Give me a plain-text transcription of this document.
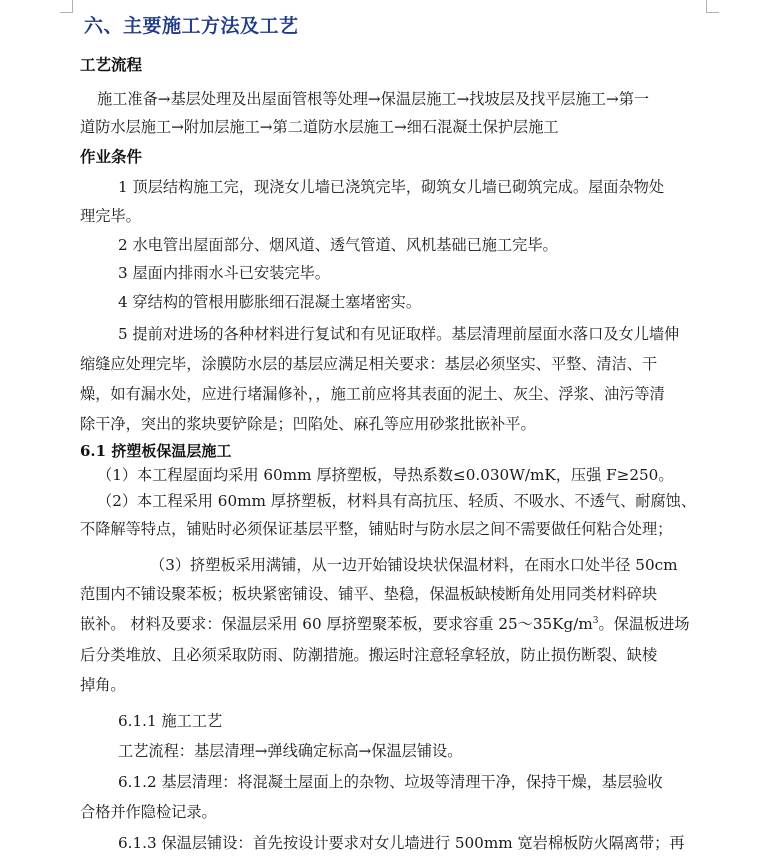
六、主要施工方法及工艺
工艺流程
施工准备→基层处理及出屋面管根等处理→保温层施工→找坡层及找平层施工→第一
道防水层施工→附加层施工→第二道防水层施工→细石混凝土保护层施工
作业条件
1 顶层结构施工完，现浇女儿墙已浇筑完毕，砌筑女儿墙已砌筑完成。屋面杂物处
理完毕。
2 水电管出屋面部分、烟风道、透气管道、风机基础已施工完毕。
3 屋面内排雨水斗已安装完毕。
4 穿结构的管根用膨胀细石混凝土塞堵密实。
5 提前对进场的各种材料进行复试和有见证取样。基层清理前屋面水落口及女儿墙伸
缩缝应处理完毕，涂膜防水层的基层应满足相关要求：基层必须坚实、平整、清洁、干
燥，如有漏水处，应进行堵漏修补，，施工前应将其表面的泥土、灰尘、浮浆、油污等清
除干净，突出的浆块要铲除是；凹陷处、麻孔等应用砂浆批嵌补平。
6.1 挤塑板保温层施工
（1）本工程屋面均采用 60mm 厚挤塑板，导热系数≤0.030W/mK，压强 F≥250。
（2）本工程采用 60mm 厚挤塑板，材料具有高抗压、轻质、不吸水、不透气、耐腐蚀、
不降解等特点，铺贴时必须保证基层平整，铺贴时与防水层之间不需要做任何粘合处理；
（3）挤塑板采用满铺，从一边开始铺设块状保温材料，在雨水口处半径 50cm
范围内不铺设聚苯板；板块紧密铺设、铺平、垫稳，保温板缺棱断角处用同类材料碎块
嵌补。 材料及要求：保温层采用 60 厚挤塑聚苯板，要求容重 $25\sim 35Kg/m^3$。保温板进场
后分类堆放、且必须采取防雨、防潮措施。搬运时注意轻拿轻放，防止损伤断裂、缺棱
掉角。
6.1.1 施工工艺
工艺流程：基层清理→弹线确定标高→保温层铺设。
6.1.2 基层清理：将混凝土屋面上的杂物、垃圾等清理干净，保持干燥，基层验收
合格并作隐检记录。
6.1.3 保温层铺设：首先按设计要求对女儿墙进行 500mm 宽岩棉板防火隔离带；再
